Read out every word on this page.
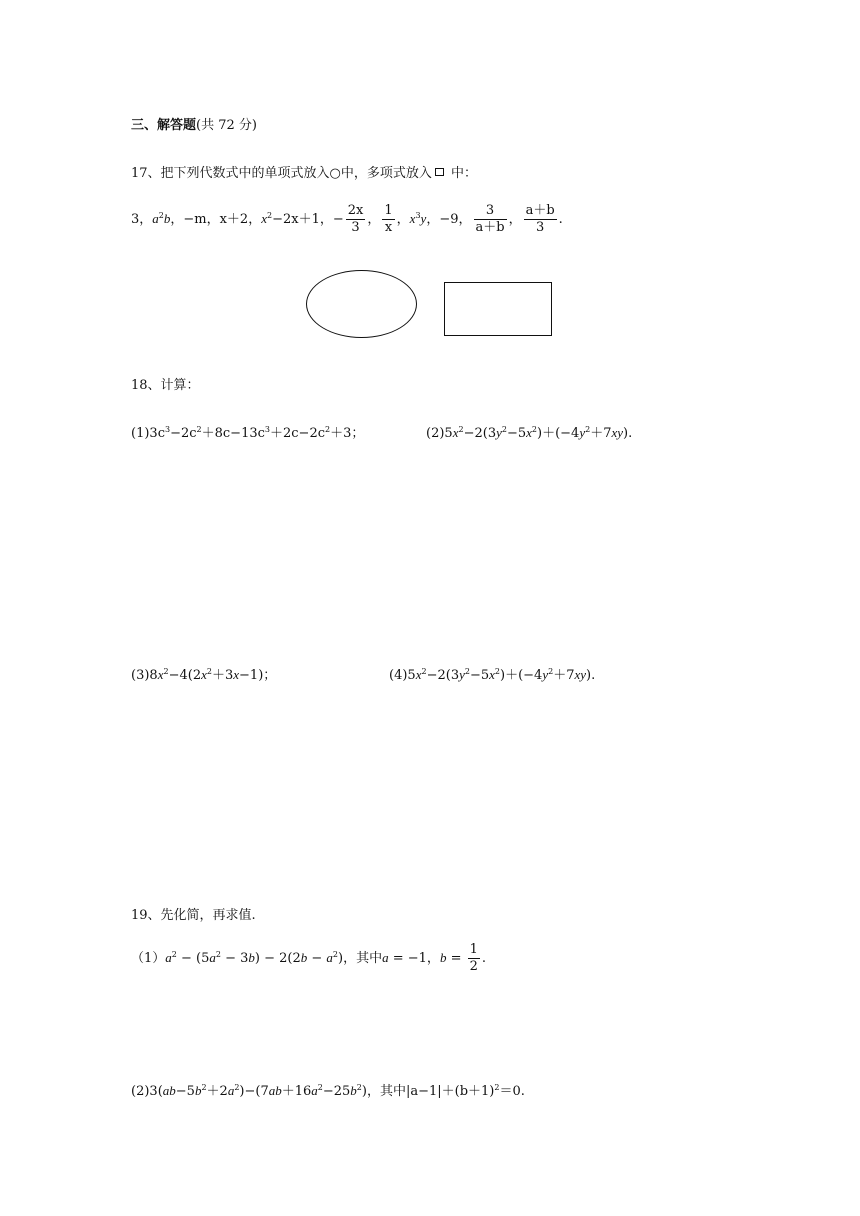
三、解答题(共 72 分)
17、把下列代数式中的单项式放入○中，多项式放入 中：
3，$a^2b$，−m，x＋2，$x^2-2x+1$，− $\frac{2x}{3}$ ， $\frac{1}{x}$ ，$x^3y$，−9， $\frac{3}{a+b}$ ， $\frac{a+b}{3}$ .
18、计算：
$(1)3c^3-2c^2+8c-13c^3+2c-2c^2+3$；	$(2)5x^2-2(3y^2-5x^2)+(-4y^2+7xy)$.
$(3)8x^2-4(2x^2+3x-1)$；	$(4)5x^2-2(3y^2-5x^2)+(-4y^2+7xy)$.
19、先化简，再求值.
$(1)a^2 - (5a^2 - 3b) - 2(2b - a^2)$，其中a = −1，$b = \frac{1}{2}$ .
$(2)3(ab-5b^2+2a^2)-(7ab+16a^2-25b^2)$，其中$|a-1|+(b+1)^2=0$.
